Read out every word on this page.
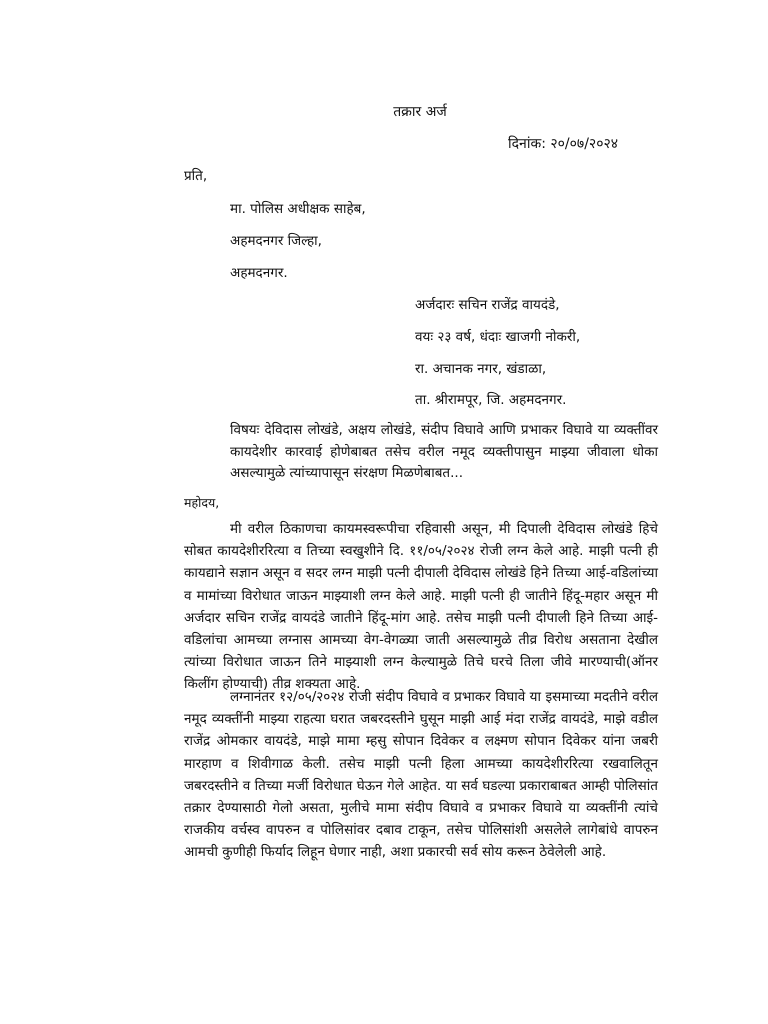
तक्रार अर्ज
दिनांक: २०/०७/२०२४
प्रति,
मा. पोलिस अधीक्षक साहेब,
अहमदनगर जिल्हा,
अहमदनगर.
अर्जदारः सचिन राजेंद्र वायदंडे,
वयः २३ वर्ष, धंदाः खाजगी नोकरी,
रा. अचानक नगर, खंडाळा,
ता. श्रीरामपूर, जि. अहमदनगर.
विषयः देविदास लोखंडे, अक्षय लोखंडे, संदीप विघावे आणि प्रभाकर विघावे या व्यक्तींवर कायदेशीर कारवाई होणेबाबत तसेच वरील नमूद व्यक्तीपासुन माझ्या जीवाला धोका असल्यामुळे त्यांच्यापासून संरक्षण मिळणेबाबत...
महोदय,
मी वरील ठिकाणचा कायमस्वरूपीचा रहिवासी असून, मी दिपाली देविदास लोखंडे हिचे सोबत कायदेशीररित्या व तिच्या स्वखुशीने दि. ११/०५/२०२४ रोजी लग्न केले आहे. माझी पत्नी ही कायद्याने सज्ञान असून व सदर लग्न माझी पत्नी दीपाली देविदास लोखंडे हिने तिच्या आई-वडिलांच्या व मामांच्या विरोधात जाऊन माझ्याशी लग्न केले आहे. माझी पत्नी ही जातीने हिंदू-महार असून मी अर्जदार सचिन राजेंद्र वायदंडे जातीने हिंदू-मांग आहे. तसेच माझी पत्नी दीपाली हिने तिच्या आई-वडिलांचा आमच्या लग्नास आमच्या वेग-वेगळ्या जाती असल्यामुळे तीव्र विरोध असताना देखील त्यांच्या विरोधात जाऊन तिने माझ्याशी लग्न केल्यामुळे तिचे घरचे तिला जीवे मारण्याची(ऑनर किलींग होण्याची) तीव्र शक्यता आहे.
लग्नानंतर १२/०५/२०२४ रोजी संदीप विघावे व प्रभाकर विघावे या इसमाच्या मदतीने वरील नमूद व्यक्तींनी माझ्या राहत्या घरात जबरदस्तीने घुसून माझी आई मंदा राजेंद्र वायदंडे, माझे वडील राजेंद्र ओमकार वायदंडे, माझे मामा म्हसु सोपान दिवेकर व लक्ष्मण सोपान दिवेकर यांना जबरी मारहाण व शिवीगाळ केली. तसेच माझी पत्नी हिला आमच्या कायदेशीररित्या रखवालितून जबरदस्तीने व तिच्या मर्जी विरोधात घेऊन गेले आहेत. या सर्व घडल्या प्रकाराबाबत आम्ही पोलिसांत तक्रार देण्यासाठी गेलो असता, मुलीचे मामा संदीप विघावे व प्रभाकर विघावे या व्यक्तींनी त्यांचे राजकीय वर्चस्व वापरुन व पोलिसांवर दबाव टाकून, तसेच पोलिसांशी असलेले लागेबांधे वापरुन आमची कुणीही फिर्याद लिहून घेणार नाही, अशा प्रकारची सर्व सोय करून ठेवेलेली आहे.
